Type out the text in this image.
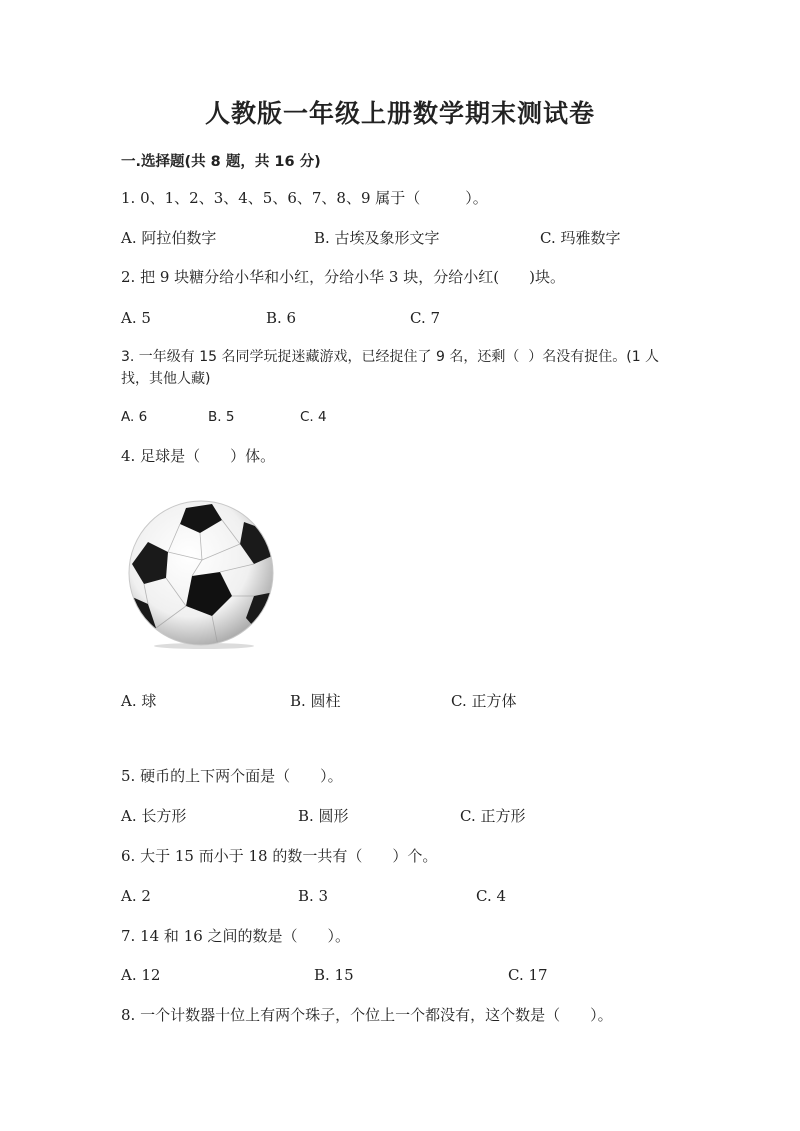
人教版一年级上册数学期末测试卷
一.选择题(共 8 题，共 16 分)
1. 0、1、2、3、4、5、6、7、8、9 属于（　　　）。
A. 阿拉伯数字	B. 古埃及象形文字	C. 玛雅数字
2. 把 9 块糖分给小华和小红，分给小华 3 块，分给小红(　　)块。
A. 5	B. 6	C. 7
3. 一年级有 15 名同学玩捉迷藏游戏，已经捉住了 9 名，还剩（  ）名没有捉住。(1 人找，其他人藏)
A. 6	B. 5	C. 4
4. 足球是（　　）体。
A. 球	B. 圆柱	C. 正方体
5. 硬币的上下两个面是（　　）。
A. 长方形	B. 圆形	C. 正方形
6. 大于 15 而小于 18 的数一共有（　　）个。
A. 2	B. 3	C. 4
7. 14 和 16 之间的数是（　　）。
A. 12	B. 15	C. 17
8. 一个计数器十位上有两个珠子，个位上一个都没有，这个数是（　　）。
